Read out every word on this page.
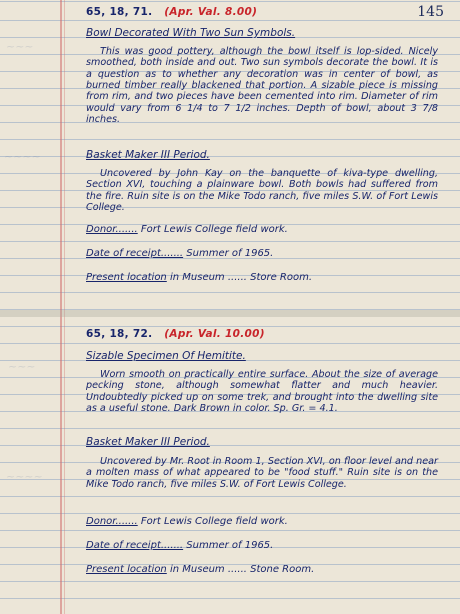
~~~
~~~~
~~~
~~~~
145
65, 18, 71. (Apr. Val. 8.00)
Bowl Decorated With Two Sun Symbols.

This was good pottery, although the bowl itself is lop-sided. Nicely smoothed, both inside and out. Two sun symbols decorate the bowl. It is a question as to whether any decoration was in center of bowl, as burned timber really blackened that portion. A sizable piece is missing from rim, and two pieces have been cemented into rim. Diameter of rim would vary from 6 1/4 to 7 1/2 inches. Depth of bowl, about 3 7/8 inches.

Basket Maker III Period.

Uncovered by John Kay on the banquette of kiva-type dwelling, Section XVI, touching a plainware bowl. Both bowls had suffered from the fire. Ruin site is on the Mike Todo ranch, five miles S.W. of Fort Lewis College.

Donor....... Fort Lewis College field work.
Date of receipt....... Summer of 1965.
Present location in Museum ...... Store Room.
65, 18, 72. (Apr. Val. 10.00)
Sizable Specimen Of Hemitite.

Worn smooth on practically entire surface. About the size of average pecking stone, although somewhat flatter and much heavier. Undoubtedly picked up on some trek, and brought into the dwelling site as a useful stone. Dark Brown in color. Sp. Gr. = 4.1.

Basket Maker III Period.

Uncovered by Mr. Root in Room 1, Section XVI, on floor level and near a molten mass of what appeared to be "food stuff." Ruin site is on the Mike Todo ranch, five miles S.W. of Fort Lewis College.

Donor....... Fort Lewis College field work.
Date of receipt....... Summer of 1965.
Present location in Museum ...... Stone Room.
